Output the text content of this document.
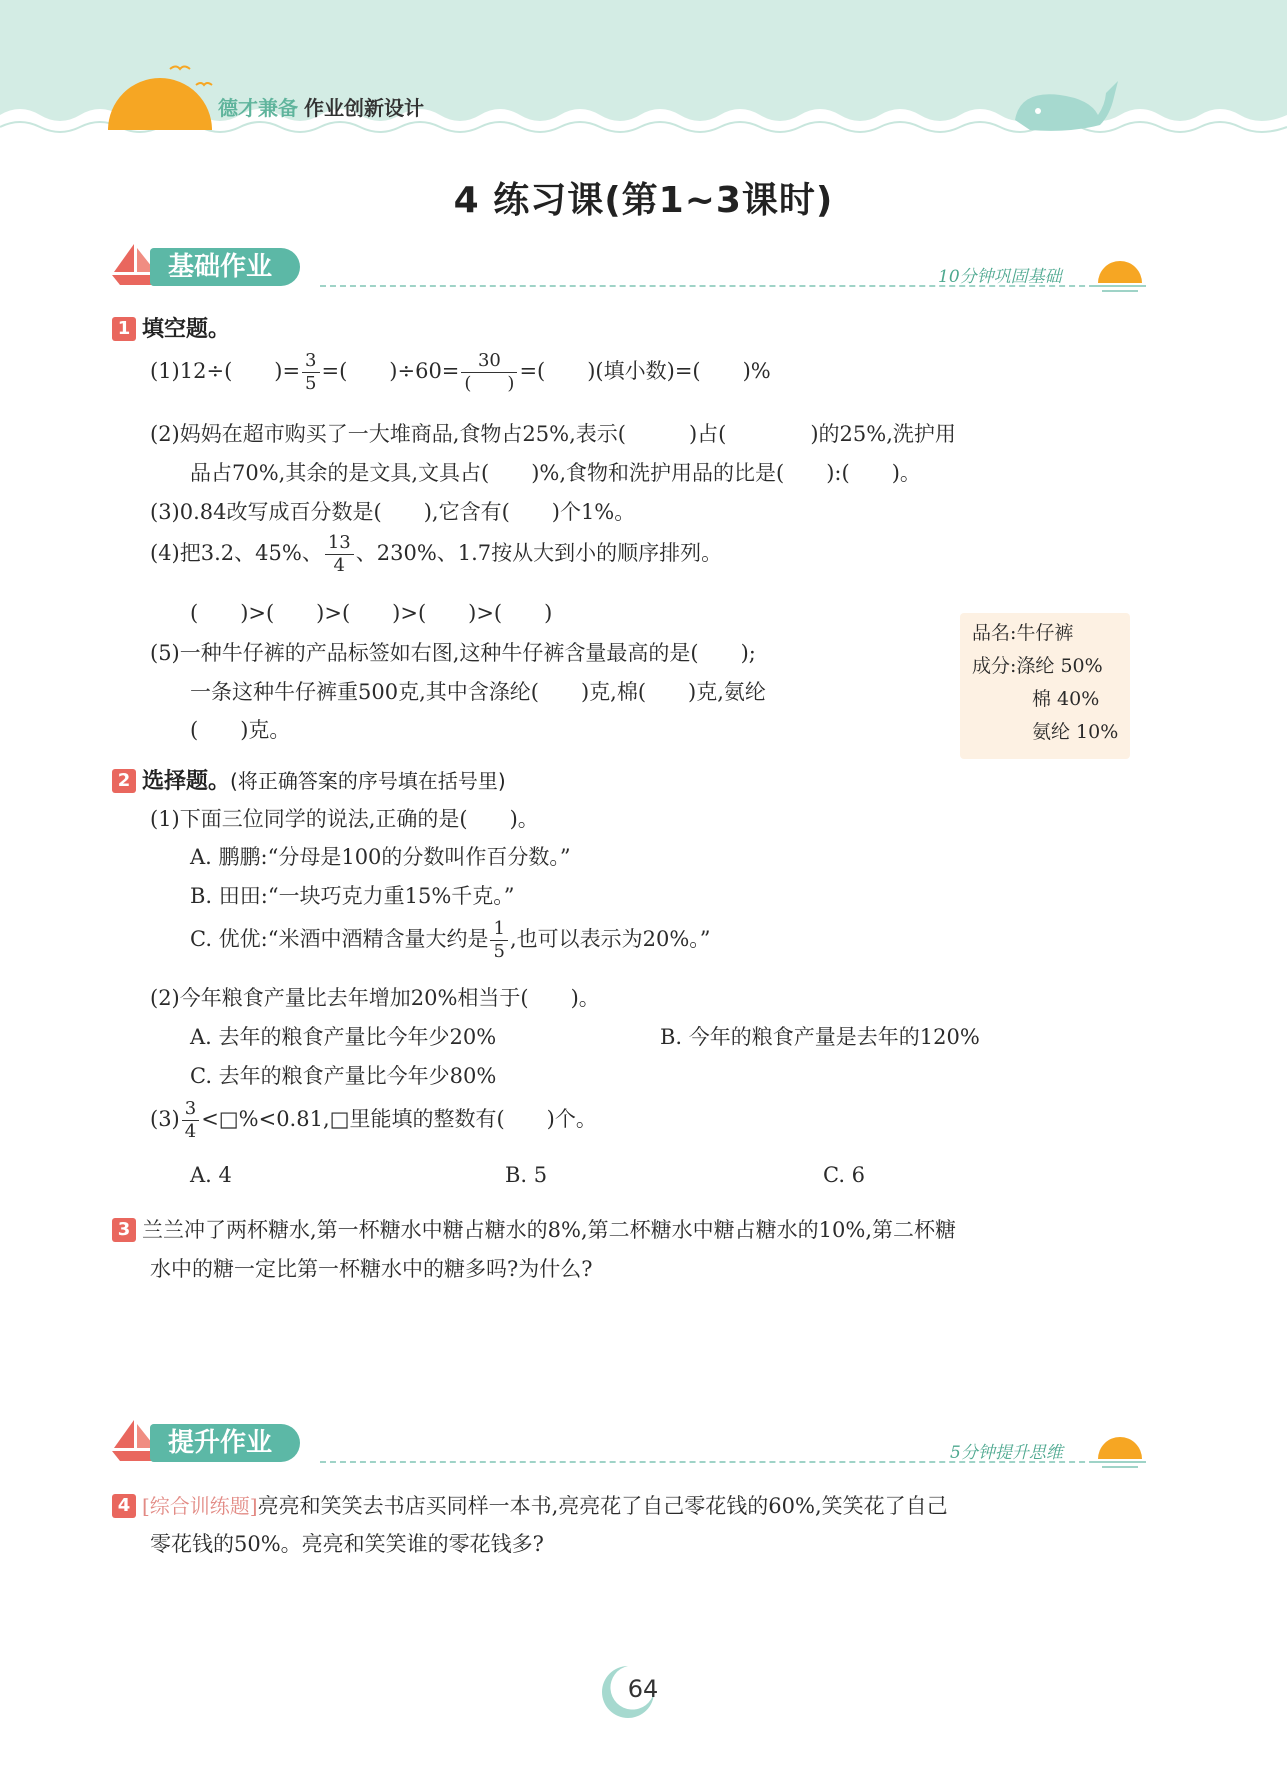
德才兼备 作业创新设计
4 练习课(第1~3课时)
基础作业	10分钟巩固基础
1 填空题。
(1)12÷(　　)= $\frac{3}{5}$ =(　　)$\div 60= \frac{30}{( )}$ =(　　)(填小数)=(　　)%
(2)妈妈在超市购买了一大堆商品,食物占25%,表示(　　　)占(　　　　)的25%,洗护用
品占70%,其余的是文具,文具占(　　)%,食物和洗护用品的比是(　　):(　　)。
(3)0.84改写成百分数是(　　),它含有(　　)个1%。
(4)把3.2、45%、 $\frac{13}{4}$ 、230%、1.7按从大到小的顺序排列。
(　　)>(　　)>(　　)>(　　)>(　　)
(5)一种牛仔裤的产品标签如右图,这种牛仔裤含量最高的是(　　);
一条这种牛仔裤重500克,其中含涤纶(　　)克,棉(　　)克,氨纶
(　　)克。
品名:牛仔裤
成分:涤纶 50%
棉 40%
氨纶 10%
2 选择题。(将正确答案的序号填在括号里)
(1)下面三位同学的说法,正确的是(　　)。
A. 鹏鹏:“分母是100的分数叫作百分数。”
B. 田田:“一块巧克力重15%千克。”
C. 优优:“米酒中酒精含量大约是 $\frac{1}{5}$ ,也可以表示为20%。”
(2)今年粮食产量比去年增加20%相当于(　　)。
A. 去年的粮食产量比今年少20%	B. 今年的粮食产量是去年的120%
C. 去年的粮食产量比今年少80%
$(3) \frac{3}{4}$ <□%<0.81,□里能填的整数有(　　)个。
A. 4	B. 5	C. 6
3 兰兰冲了两杯糖水,第一杯糖水中糖占糖水的8%,第二杯糖水中糖占糖水的10%,第二杯糖
水中的糖一定比第一杯糖水中的糖多吗?为什么?
提升作业	5分钟提升思维
4 [综合训练题]亮亮和笑笑去书店买同样一本书,亮亮花了自己零花钱的60%,笑笑花了自己
零花钱的50%。亮亮和笑笑谁的零花钱多?
64
